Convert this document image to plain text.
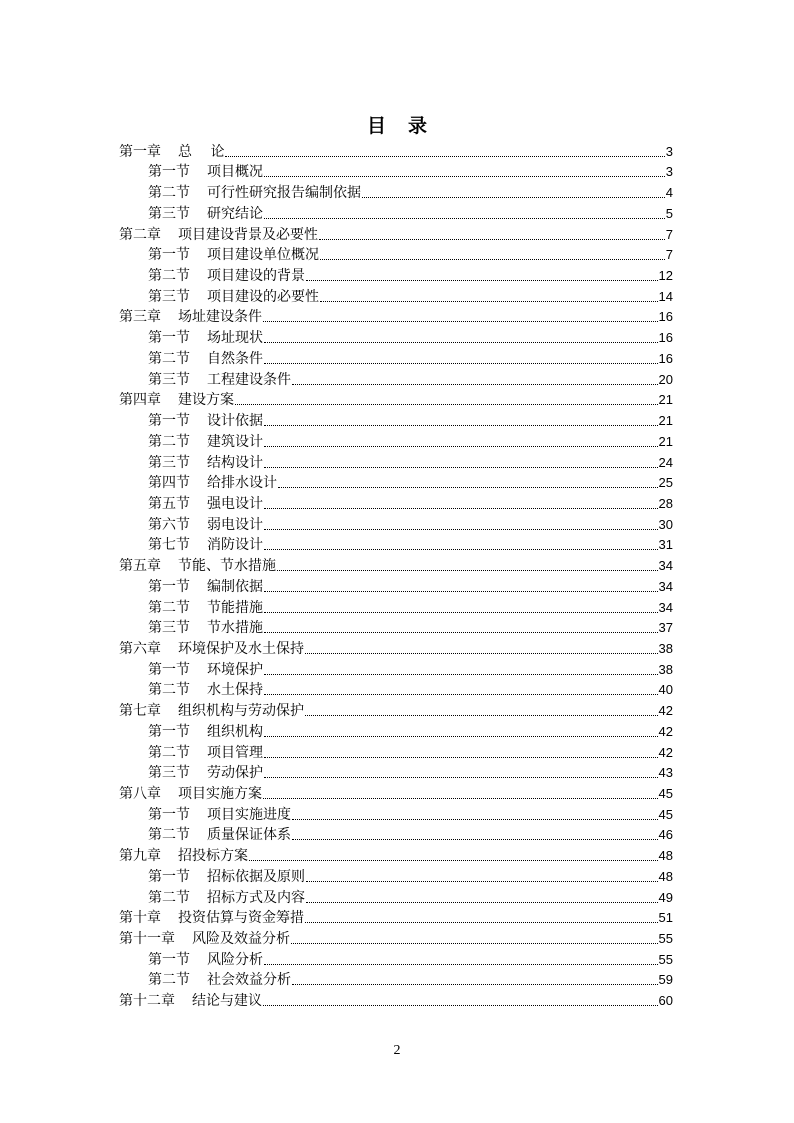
目 录
第一章 总　 论	3
第一节 项目概况	3
第二节 可行性研究报告编制依据	4
第三节 研究结论	5
第二章 项目建设背景及必要性	7
第一节 项目建设单位概况	7
第二节 项目建设的背景	12
第三节 项目建设的必要性	14
第三章 场址建设条件	16
第一节 场址现状	16
第二节 自然条件	16
第三节 工程建设条件	20
第四章 建设方案	21
第一节 设计依据	21
第二节 建筑设计	21
第三节 结构设计	24
第四节 给排水设计	25
第五节 强电设计	28
第六节 弱电设计	30
第七节 消防设计	31
第五章 节能、节水措施	34
第一节 编制依据	34
第二节 节能措施	34
第三节 节水措施	37
第六章 环境保护及水土保持	38
第一节 环境保护	38
第二节 水土保持	40
第七章 组织机构与劳动保护	42
第一节 组织机构	42
第二节 项目管理	42
第三节 劳动保护	43
第八章 项目实施方案	45
第一节 项目实施进度	45
第二节 质量保证体系	46
第九章 招投标方案	48
第一节 招标依据及原则	48
第二节 招标方式及内容	49
第十章 投资估算与资金筹措	51
第十一章 风险及效益分析	55
第一节 风险分析	55
第二节 社会效益分析	59
第十二章 结论与建议	60
2
